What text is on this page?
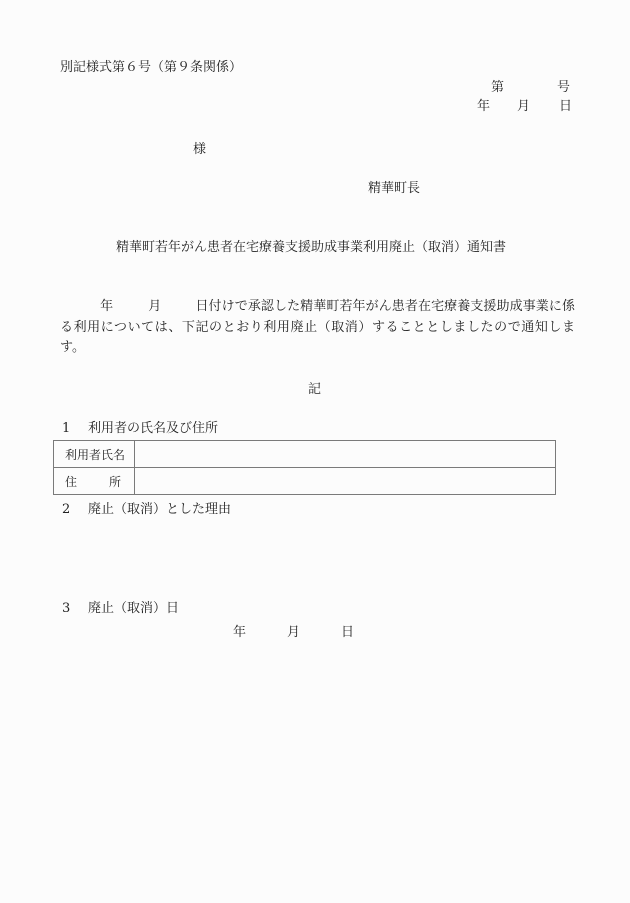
別記様式第６号（第９条関係）
第	号
年 月 日
様
精華町長
精華町若年がん患者在宅療養支援助成事業利用廃止（取消）通知書
年	月	日付けで承認した精華町若年がん患者在宅療養支援助成事業に係る利用については、下記のとおり利用廃止（取消）することとしましたので通知します。
記
1 利用者の氏名及び住所
利用者氏名	

住 所	

2 廃止（取消）とした理由
3 廃止（取消）日
年	月	日
